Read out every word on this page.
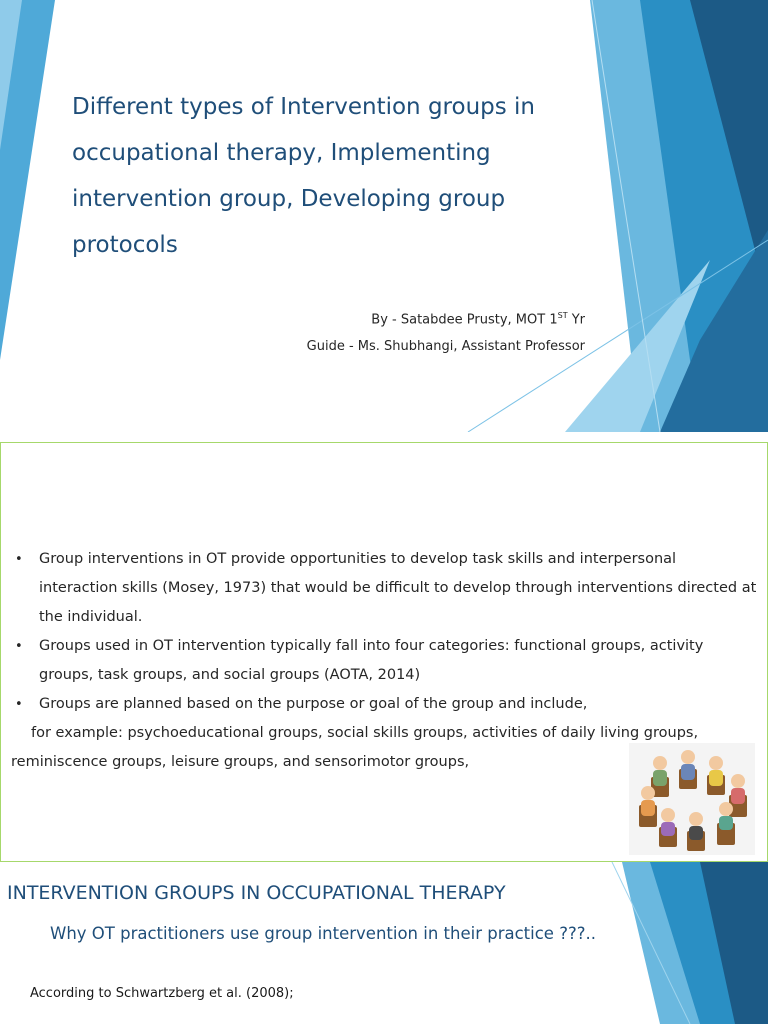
Different types of Intervention groups in occupational therapy, Implementing intervention group, Developing group protocols
By - Satabdee Prusty, MOT 1ST Yr
Guide - Ms. Shubhangi, Assistant Professor
• Group interventions in OT provide opportunities to develop task skills and interpersonal interaction skills (Mosey, 1973) that would be difficult to develop through interventions directed at the individual.
• Groups used in OT intervention typically fall into four categories: functional groups, activity groups, task groups, and social groups (AOTA, 2014)
• Groups are planned based on the purpose or goal of the group and include,
for example: psychoeducational groups, social skills groups, activities of daily living groups,
reminiscence groups, leisure groups, and sensorimotor groups,
INTERVENTION GROUPS IN OCCUPATIONAL THERAPY
Why OT practitioners use group intervention in their practice ???..
According to Schwartzberg et al. (2008);
